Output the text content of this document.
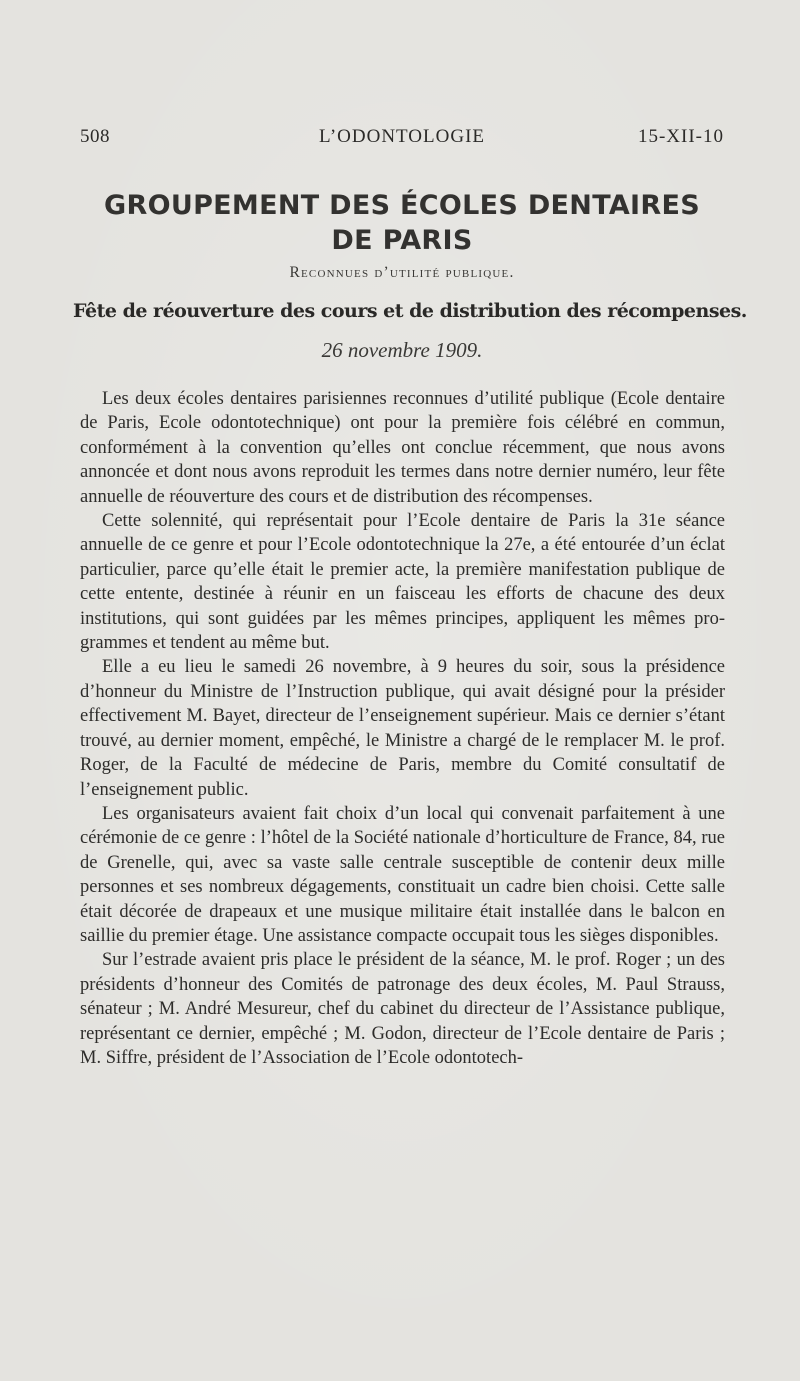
508	L’ODONTOLOGIE	15-XII-10
GROUPEMENT DES ÉCOLES DENTAIRES
DE PARIS
Reconnues d’utilité publique.
Fête de réouverture des cours et de distribution des récompenses.
26 novembre 1909.

Les deux écoles dentaires parisiennes reconnues d’utilité publique (Ecole dentaire de Paris, Ecole odontotechnique) ont pour la première fois célébré en commun, conformément à la convention qu’elles ont conclue récemment, que nous avons annoncée et dont nous avons reproduit les termes dans notre dernier numéro, leur fête annuelle de réouverture des cours et de distribution des récompenses.

Cette solennité, qui représentait pour l’Ecole dentaire de Paris la 31e séance annuelle de ce genre et pour l’Ecole odontotechnique la 27e, a été entourée d’un éclat particulier, parce qu’elle était le premier acte, la première manifestation publique de cette entente, destinée à réunir en un faisceau les efforts de chacune des deux institutions, qui sont guidées par les mêmes principes, appliquent les mêmes programmes et tendent au même but.

Elle a eu lieu le samedi 26 novembre, à 9 heures du soir, sous la présidence d’honneur du Ministre de l’Instruction publique, qui avait désigné pour la présider effectivement M. Bayet, directeur de l’enseignement supérieur. Mais ce dernier s’étant trouvé, au dernier moment, empêché, le Ministre a chargé de le remplacer M. le prof. Roger, de la Faculté de médecine de Paris, membre du Comité consultatif de l’enseignement public.

Les organisateurs avaient fait choix d’un local qui convenait parfaitement à une cérémonie de ce genre : l’hôtel de la Société nationale d’horticulture de France, 84, rue de Grenelle, qui, avec sa vaste salle centrale susceptible de contenir deux mille personnes et ses nombreux dégagements, constituait un cadre bien choisi. Cette salle était décorée de drapeaux et une musique militaire était installée dans le balcon en saillie du premier étage. Une assistance compacte occupait tous les sièges disponibles.

Sur l’estrade avaient pris place le président de la séance, M. le prof. Roger ; un des présidents d’honneur des Comités de patronage des deux écoles, M. Paul Strauss, sénateur ; M. André Mesureur, chef du cabinet du directeur de l’Assistance publique, représentant ce dernier, empêché ; M. Godon, directeur de l’Ecole dentaire de Paris ; M. Siffre, président de l’Association de l’Ecole odontotech-
